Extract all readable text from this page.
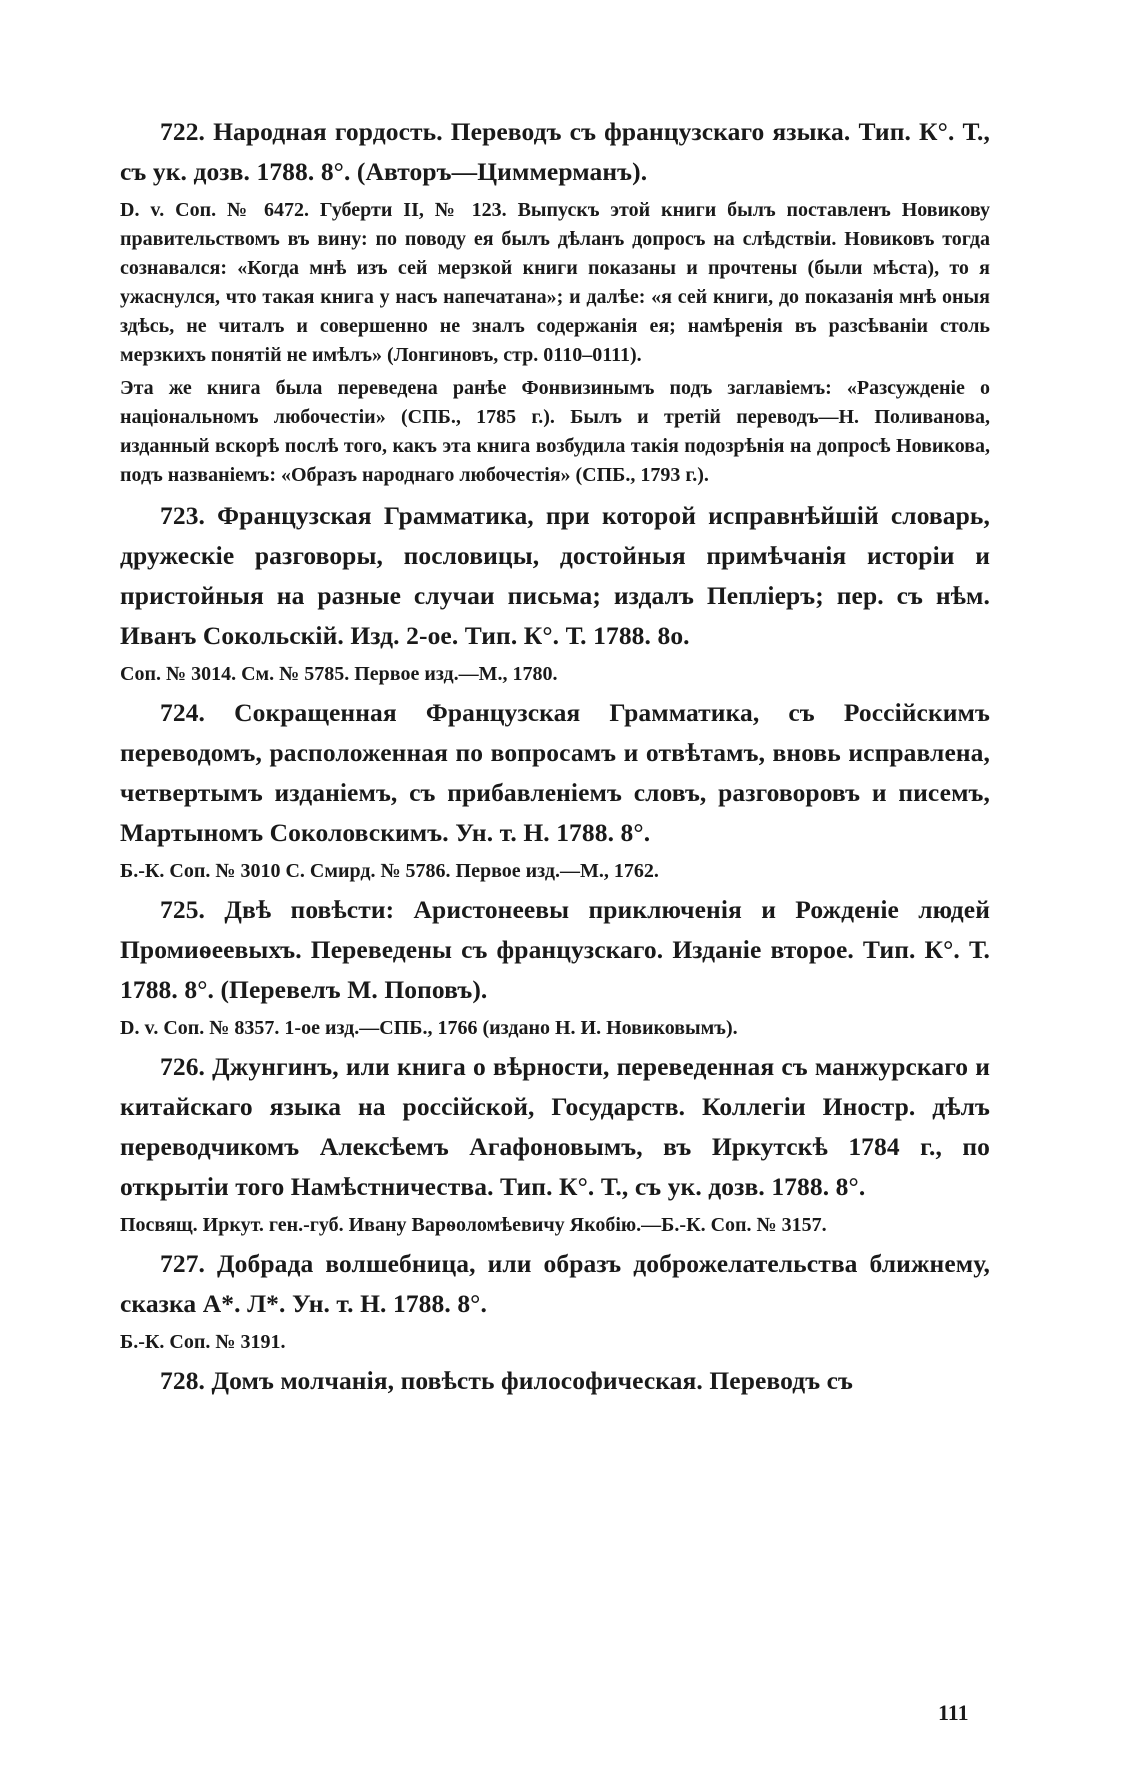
722. Народная гордость. Переводъ съ французскаго языка. Тип. К°. Т., съ ук. дозв. 1788. 8°. (Авторъ—Циммерманъ).

D. v. Соп. № 6472. Губерти II, № 123. Выпускъ этой книги былъ поставленъ Новикову правительствомъ въ вину: по поводу ея былъ дѣланъ допросъ на слѣдствіи. Новиковъ тогда сознавался: «Когда мнѣ изъ сей мерзкой книги показаны и прочтены (были мѣста), то я ужаснулся, что такая книга у насъ напечатана»; и далѣе: «я сей книги, до показанія мнѣ оныя здѣсь, не читалъ и совершенно не зналъ содержанія ея; намѣренія въ разсѣваніи столь мерзкихъ понятій не имѣлъ» (Лонгиновъ, стр. 0110–0111).

Эта же книга была переведена ранѣе Фонвизинымъ подъ заглавіемъ: «Разсужденіе о національномъ любочестіи» (СПБ., 1785 г.). Былъ и третій переводъ—Н. Поливанова, изданный вскорѣ послѣ того, какъ эта книга возбудила такія подозрѣнія на допросѣ Новикова, подъ названіемъ: «Образъ народнаго любочестія» (СПБ., 1793 г.).

723. Французская Грамматика, при которой исправнѣйшій словарь, дружескіе разговоры, пословицы, достойныя примѣчанія исторіи и пристойныя на разные случаи письма; издалъ Пепліеръ; пер. съ нѣм. Иванъ Сокольскій. Изд. 2-ое. Тип. К°. Т. 1788. 8о.

Соп. № 3014. См. № 5785. Первое изд.—М., 1780.

724. Сокращенная Французская Грамматика, съ Россійскимъ переводомъ, расположенная по вопросамъ и отвѣтамъ, вновь исправлена, четвертымъ изданіемъ, съ прибавленіемъ словъ, разговоровъ и писемъ, Мартыномъ Соколовскимъ. Ун. т. Н. 1788. 8°.

Б.-К. Соп. № 3010 С. Смирд. № 5786. Первое изд.—М., 1762.

725. Двѣ повѣсти: Аристонеевы приключенія и Рожденіе людей Промиѳеевыхъ. Переведены съ французскаго. Изданіе второе. Тип. К°. Т. 1788. 8°. (Перевелъ М. Поповъ).

D. v. Соп. № 8357. 1-ое изд.—СПБ., 1766 (издано Н. И. Новиковымъ).

726. Джунгинъ, или книга о вѣрности, переведенная съ манжурскаго и китайскаго языка на россійской, Государств. Коллегіи Иностр. дѣлъ переводчикомъ Алексѣемъ Агафоновымъ, въ Иркутскѣ 1784 г., по открытіи того Намѣстничества. Тип. К°. Т., съ ук. дозв. 1788. 8°.

Посвящ. Иркут. ген.-губ. Ивану Варѳоломѣевичу Якобію.—Б.-К. Соп. № 3157.

727. Добрада волшебница, или образъ доброжелательства ближнему, сказка А*. Л*. Ун. т. Н. 1788. 8°.

Б.-К. Соп. № 3191.

728. Домъ молчанія, повѣсть философическая. Переводъ съ

111
